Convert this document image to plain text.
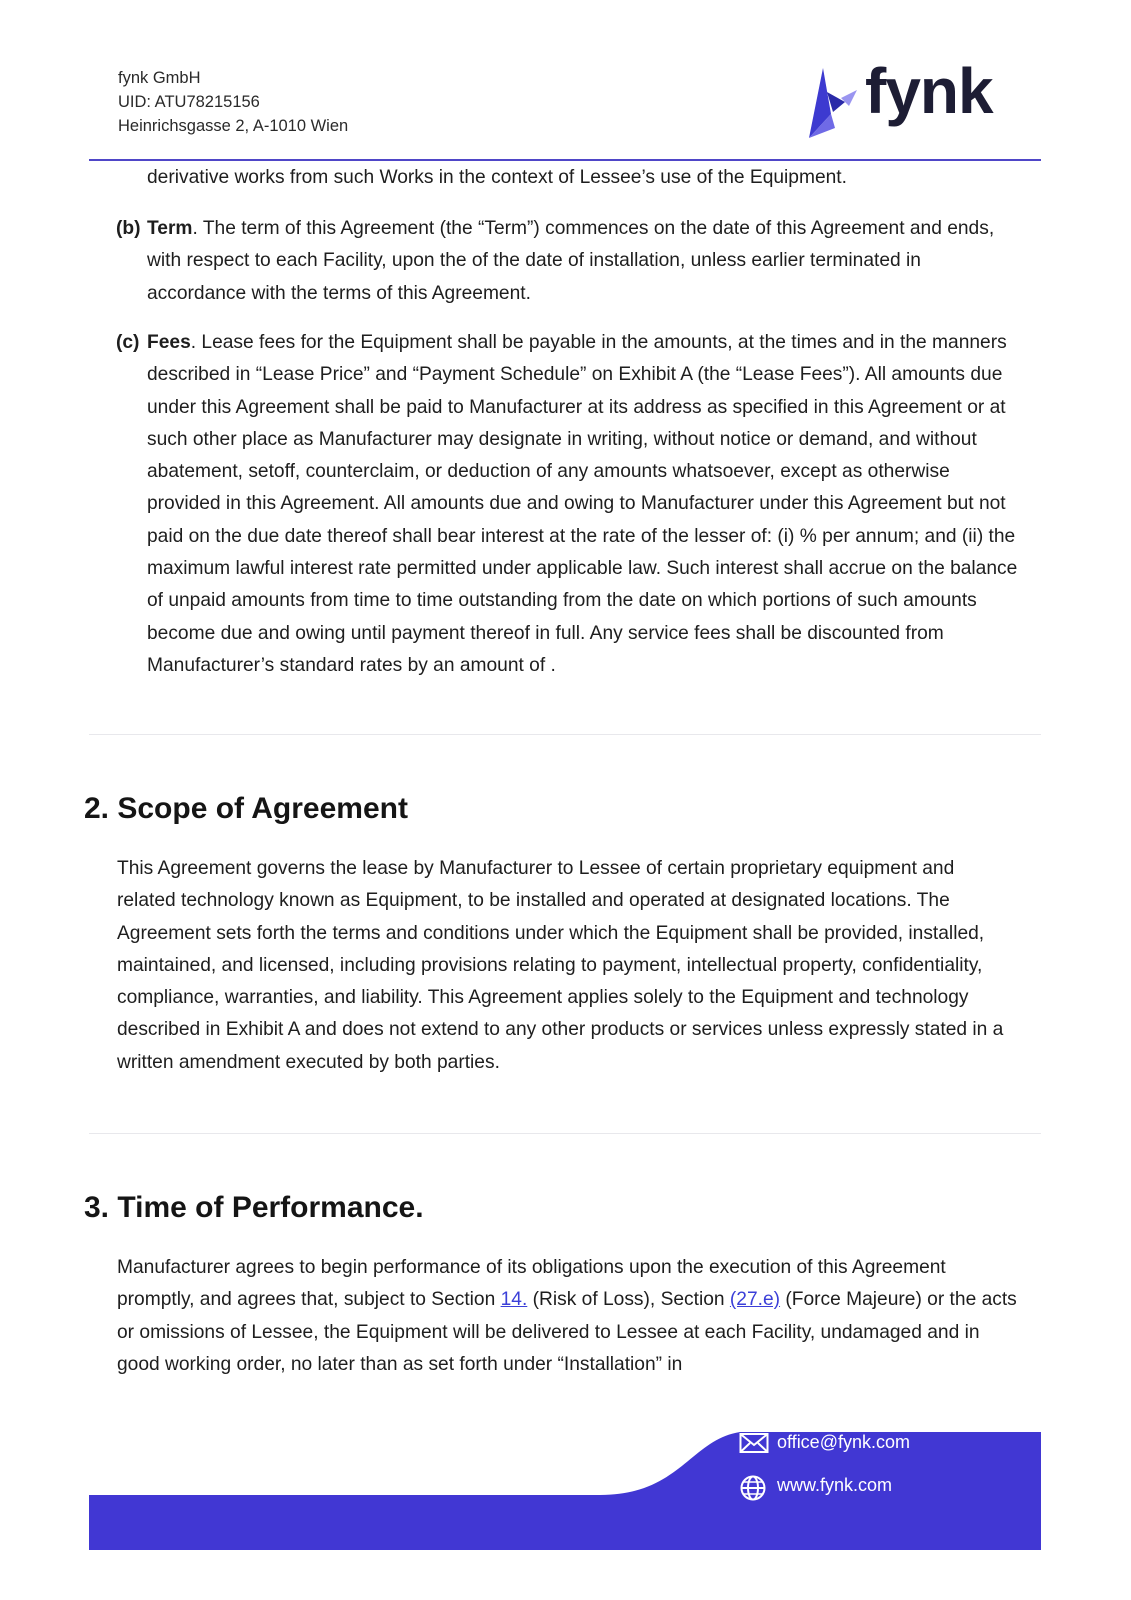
fynk GmbH
UID: ATU78215156
Heinrichsgasse 2, A-1010 Wien	fynk
derivative works from such Works in the context of Lessee’s use of the Equipment.
(b) Term. The term of this Agreement (the “Term”) commences on the date of this Agreement and ends, with respect to each Facility, upon the of the date of installation, unless earlier terminated in accordance with the terms of this Agreement.
(c) Fees. Lease fees for the Equipment shall be payable in the amounts, at the times and in the manners described in “Lease Price” and “Payment Schedule” on Exhibit A (the “Lease Fees”). All amounts due under this Agreement shall be paid to Manufacturer at its address as specified in this Agreement or at such other place as Manufacturer may designate in writing, without notice or demand, and without abatement, setoff, counterclaim, or deduction of any amounts whatsoever, except as otherwise provided in this Agreement. All amounts due and owing to Manufacturer under this Agreement but not paid on the due date thereof shall bear interest at the rate of the lesser of: (i) % per annum; and (ii) the maximum lawful interest rate permitted under applicable law. Such interest shall accrue on the balance of unpaid amounts from time to time outstanding from the date on which portions of such amounts become due and owing until payment thereof in full. Any service fees shall be discounted from Manufacturer’s standard rates by an amount of .
2. Scope of Agreement
This Agreement governs the lease by Manufacturer to Lessee of certain proprietary equipment and related technology known as Equipment, to be installed and operated at designated locations. The Agreement sets forth the terms and conditions under which the Equipment shall be provided, installed, maintained, and licensed, including provisions relating to payment, intellectual property, confidentiality, compliance, warranties, and liability. This Agreement applies solely to the Equipment and technology described in Exhibit A and does not extend to any other products or services unless expressly stated in a written amendment executed by both parties.
3. Time of Performance.
Manufacturer agrees to begin performance of its obligations upon the execution of this Agreement promptly, and agrees that, subject to Section 14. (Risk of Loss), Section (27.e) (Force Majeure) or the acts or omissions of Lessee, the Equipment will be delivered to Lessee at each Facility, undamaged and in good working order, no later than as set forth under “Installation” in
office@fynk.com
www.fynk.com
